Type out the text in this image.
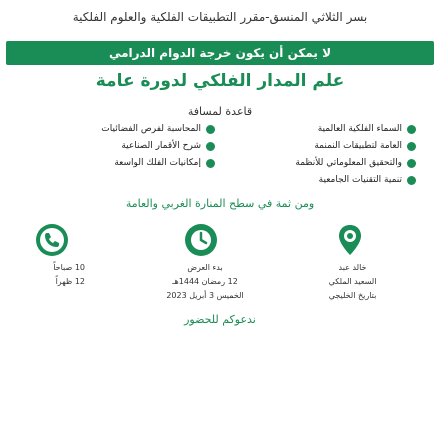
بسر الثلاثي المنسق-مقرر التطبيقات الفلكية والعلوم الفلكية
لا يمكن أن يكون خرجة الدوام الدرامي
علم المدار الفلكي لدورة عامة
قاعدة لمسافة
السماء الفلكية العالمية
المحاسبة لفرص الفضائيات
العامة لتطبيقات النمنمة
شرح الأقمار الصناعية
والتحقيق المعلوماتي للأنظمة
إمكانيات الفلك الواسعة
تنمية التقنيات الجامعية
ومن ثمة في سطح المنارة الغربي والعامة
خالد عبد
السعيد الملكي
بتاريخ الخليجي
بدء العرض
12 رمضان 1444هـ
الخميس 3 أبريل 2023
10 صباحاً
12 ظهراً
ندعوكم للحضور
